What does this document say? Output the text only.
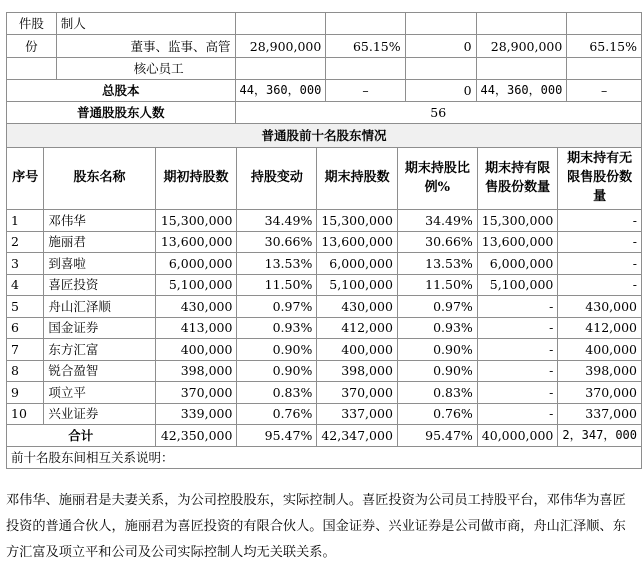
件股	制人					
份	董事、监事、高管	28,900,000	65.15%	0	28,900,000	65.15%
	核心员工					
总股本		44，360，000	–	0	44，360，000	–
普通股股东人数		56				
普通股前十名股东情况							
序号	股东名称	期初持股数	持股变动	期末持股数	期末持股比例%	期末持有限售股份数量	期末持有无限售股份数量
1	邓伟华	15,300,000	34.49%	15,300,000	34.49%	15,300,000	-
2	施丽君	13,600,000	30.66%	13,600,000	30.66%	13,600,000	-
3	到喜啦	6,000,000	13.53%	6,000,000	13.53%	6,000,000	-
4	喜匠投资	5,100,000	11.50%	5,100,000	11.50%	5,100,000	-
5	舟山汇泽顺	430,000	0.97%	430,000	0.97%	-	430,000
6	国金证券	413,000	0.93%	412,000	0.93%	-	412,000
7	东方汇富	400,000	0.90%	400,000	0.90%	-	400,000
8	锐合盈智	398,000	0.90%	398,000	0.90%	-	398,000
9	项立平	370,000	0.83%	370,000	0.83%	-	370,000
10	兴业证券	339,000	0.76%	337,000	0.76%	-	337,000
合计		42,350,000	95.47%	42,347,000	95.47%	40,000,000	2，347，000
前十名股东间相互关系说明：							

邓伟华、施丽君是夫妻关系，为公司控股股东，实际控制人。喜匠投资为公司员工持股平台，邓伟华为喜匠投资的普通合伙人，施丽君为喜匠投资的有限合伙人。国金证券、兴业证券是公司做市商，舟山汇泽顺、东方汇富及项立平和公司及公司实际控制人均无关联关系。
